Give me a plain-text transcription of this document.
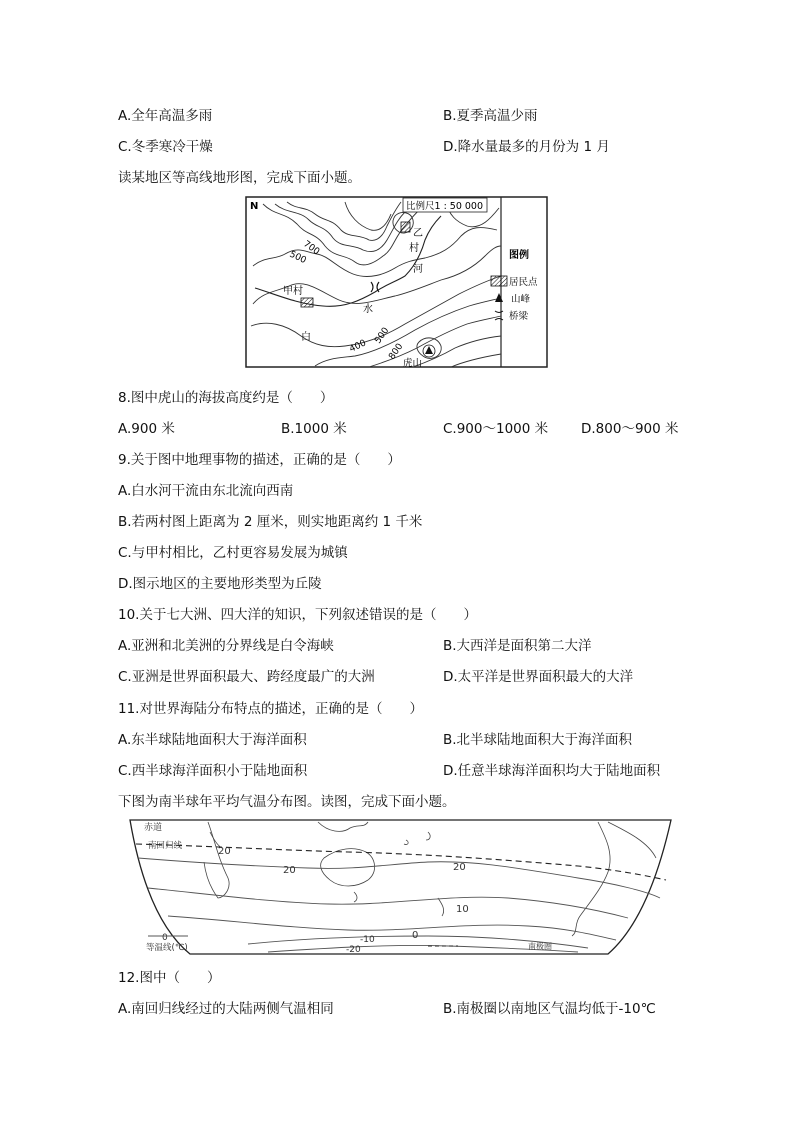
A.全年高温多雨	B.夏季高温少雨
C.冬季寒冷干燥	D.降水量最多的月份为 1 月
读某地区等高线地形图，完成下面小题。
N	比例尺1 : 50 000
700
500
400
500
800
甲村
乙
村
河
水
白
虎山
图例
居民点
山峰
桥梁
8.图中虎山的海拔高度约是（　　）
A.900 米	B.1000 米	C.900～1000 米 D.800～900 米
9.关于图中地理事物的描述，正确的是（　　）
A.白水河干流由东北流向西南
B.若两村图上距离为 2 厘米，则实地距离约 1 千米
C.与甲村相比，乙村更容易发展为城镇
D.图示地区的主要地形类型为丘陵
10.关于七大洲、四大洋的知识，下列叙述错误的是（　　）
A.亚洲和北美洲的分界线是白令海峡	B.大西洋是面积第二大洋
C.亚洲是世界面积最大、跨经度最广的大洲	D.太平洋是世界面积最大的大洋
11.对世界海陆分布特点的描述，正确的是（　　）
A.东半球陆地面积大于海洋面积	B.北半球陆地面积大于海洋面积
C.西半球海洋面积小于陆地面积	D.任意半球海洋面积均大于陆地面积
下图为南半球年平均气温分布图。读图，完成下面小题。
赤道
南回归线	20
20	20
10
0
0	-10
-20
等温线(℃)	南极圈
12.图中（　　）
A.南回归线经过的大陆两侧气温相同	B.南极圈以南地区气温均低于-10℃
